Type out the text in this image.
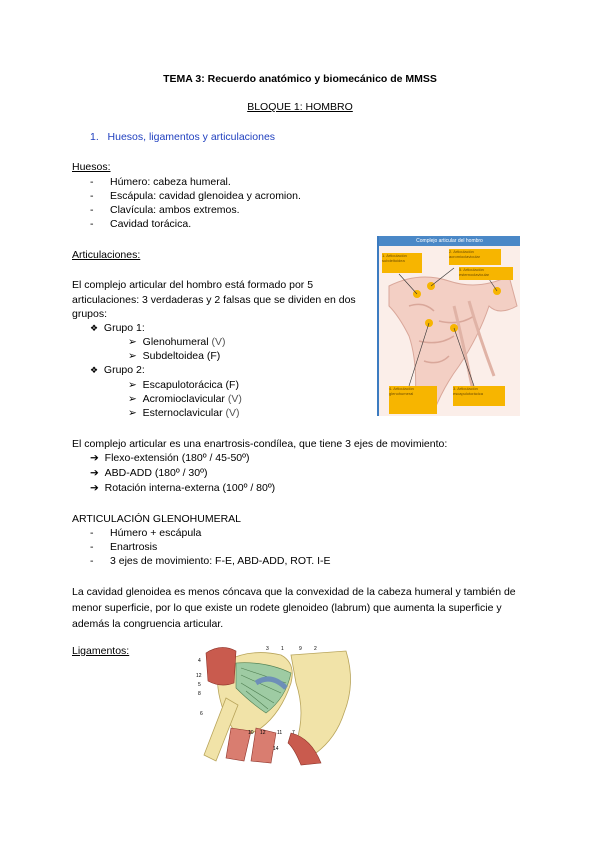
TEMA 3: Recuerdo anatómico y biomecánico de MMSS
BLOQUE 1: HOMBRO
1. Huesos, ligamentos y articulaciones
Huesos:
- Húmero: cabeza humeral.
- Escápula: cavidad glenoidea y acromion.
- Clavícula: ambos extremos.
- Cavidad torácica.
Articulaciones:
El complejo articular del hombro está formado por 5 articulaciones: 3 verdaderas y 2 falsas que se dividen en dos grupos:
❖ Grupo 1:
➢ Glenohumeral (V)
➢ Subdeltoidea (F)
❖ Grupo 2:
➢ Escapulotorácica (F)
➢ Acromioclavicular (V)
➢ Esternoclavicular (V)
Complejo articular del hombro
1. Articulación subdeltoidea
2. Articulación acromioclavicular
5. Articulación esternoclavicular
4. Articulación glenohumeral
3. Articulación escapulotorácica
El complejo articular es una enartrosis-condílea, que tiene 3 ejes de movimiento:
➔ Flexo-extensión (180º / 45-50º)
➔ ABD-ADD (180º / 30º)
➔ Rotación interna-externa (100º / 80º)
ARTICULACIÓN GLENOHUMERAL
- Húmero + escápula
- Enartrosis
- 3 ejes de movimiento: F-E, ABD-ADD, ROT. I-E
La cavidad glenoidea es menos cóncava que la convexidad de la cabeza humeral y también de menor superficie, por lo que existe un rodete glenoideo (labrum) que aumenta la superficie y además la congruencia articular.
Ligamentos:	3 1	9 2
4
12
5
8
6
10 12 11 7
14
